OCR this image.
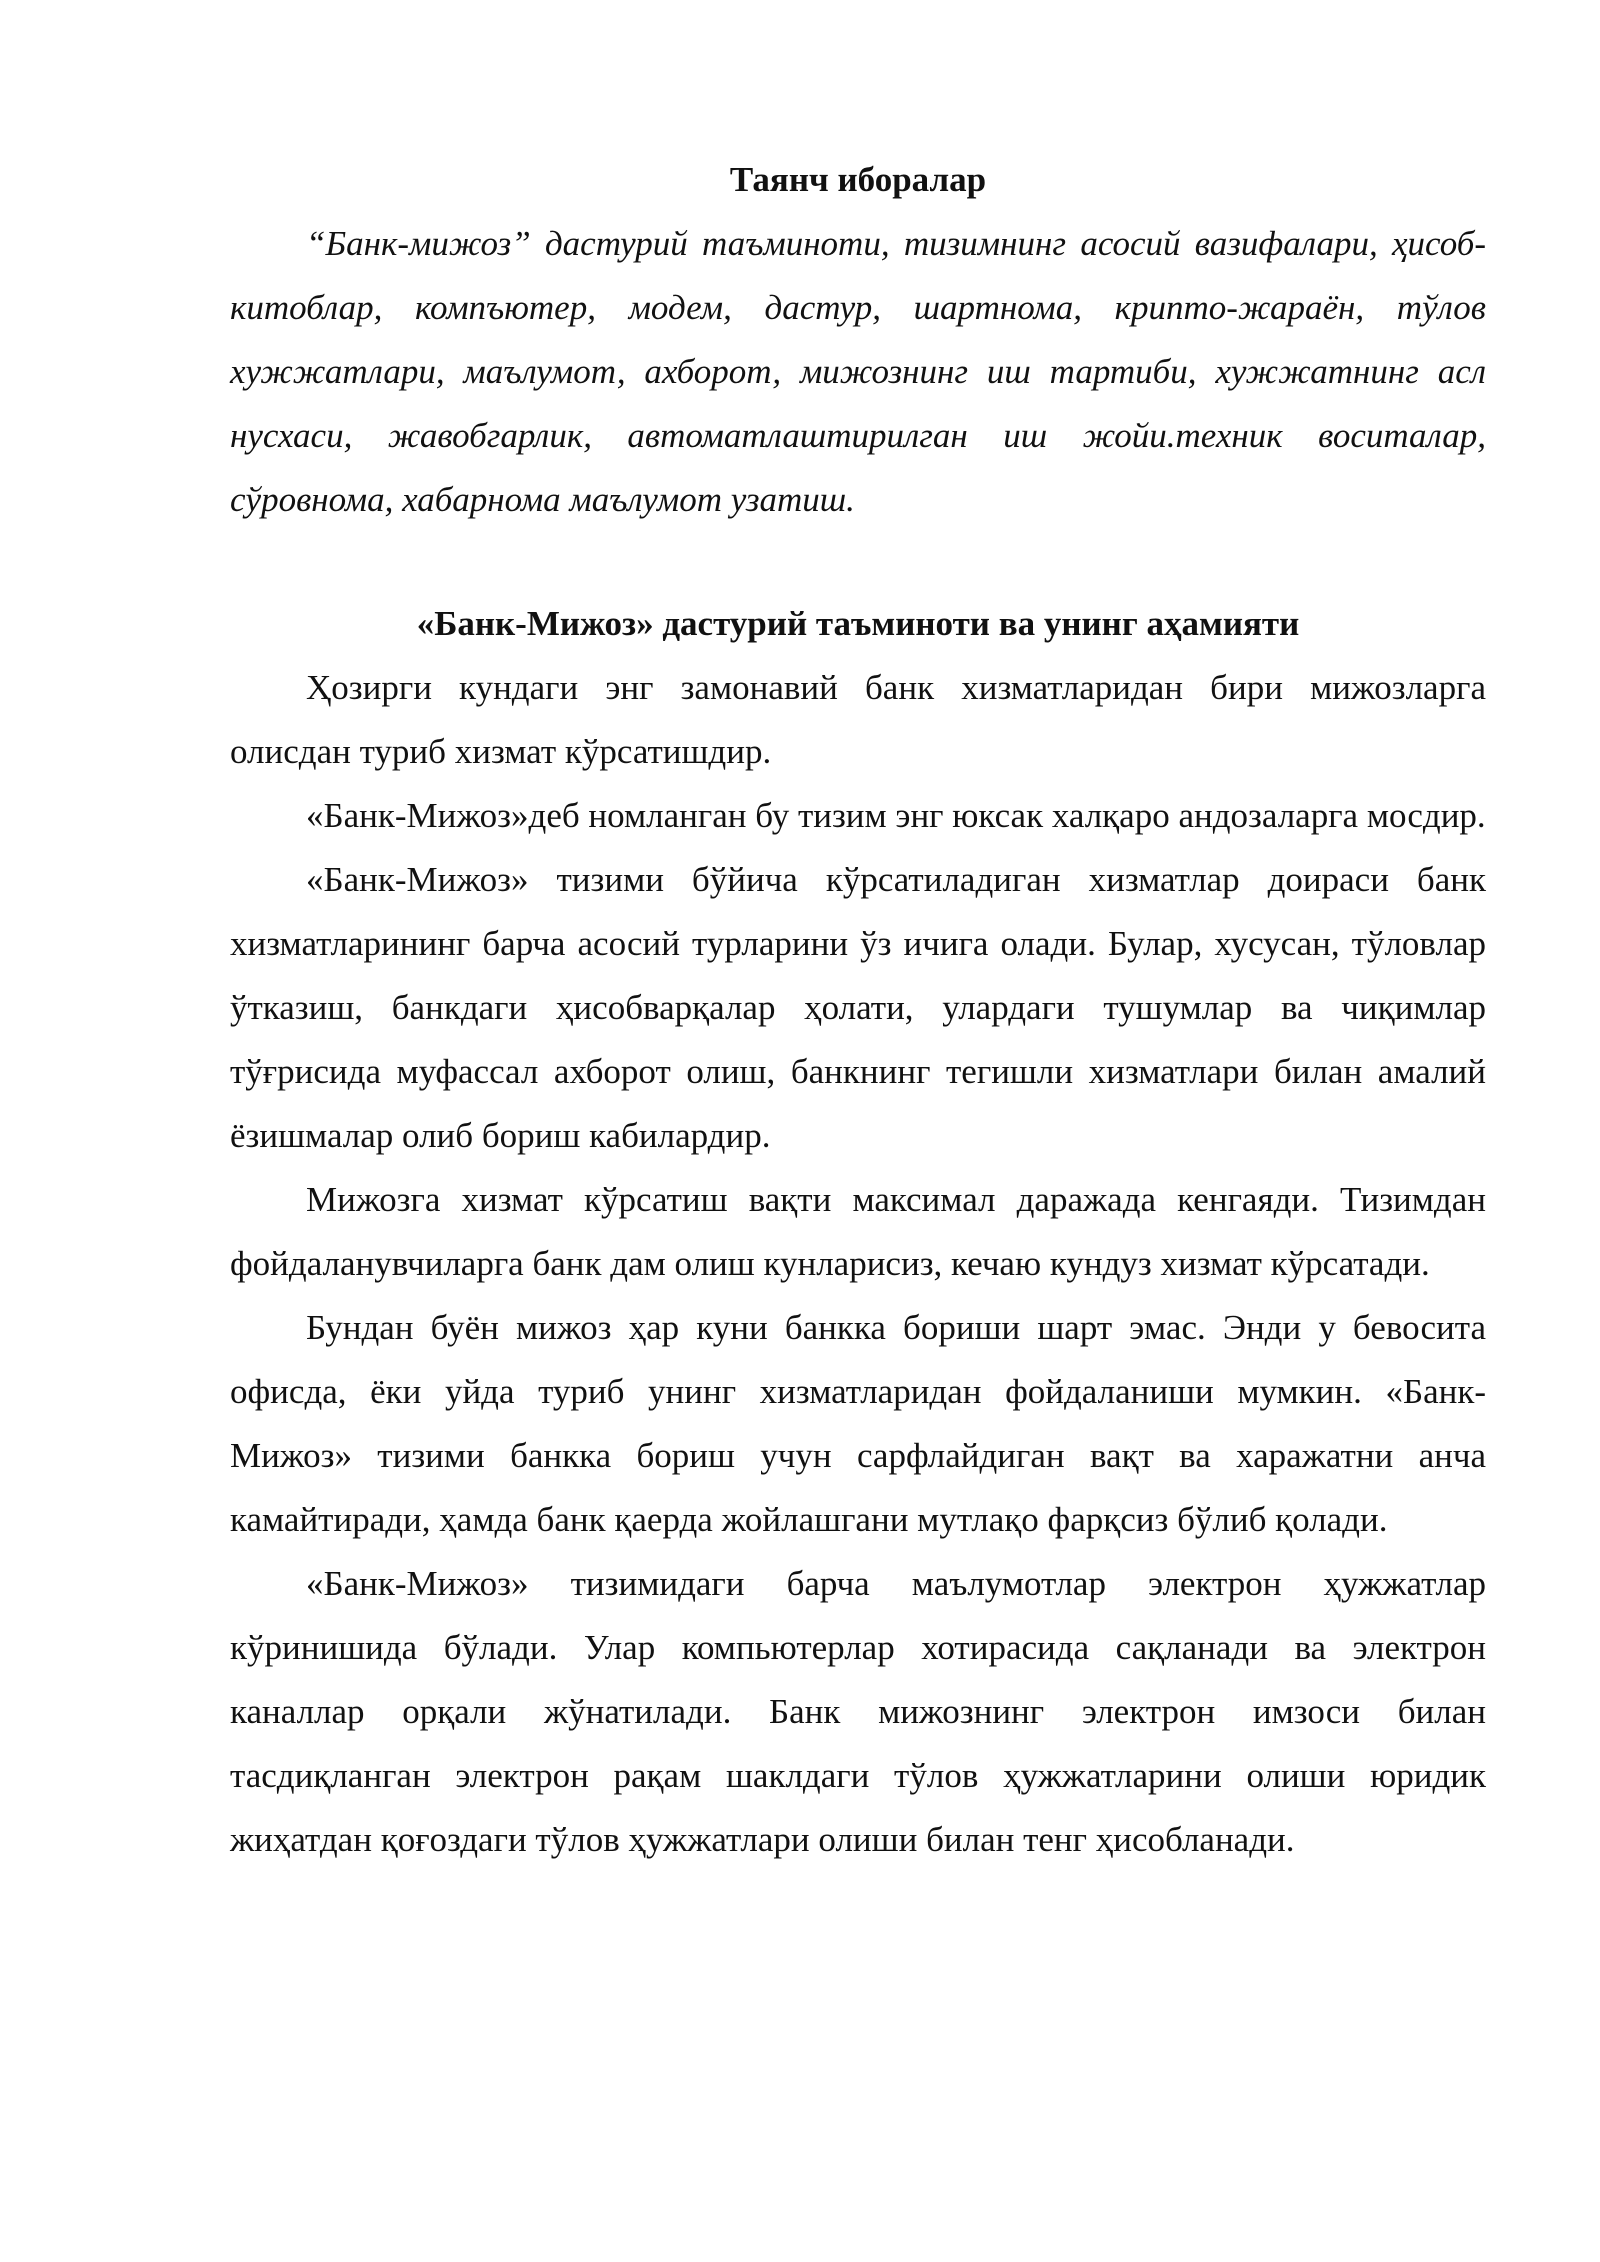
Таянч иборалар

“Банк-мижоз” дастурий таъминоти, тизимнинг асосий вазифалари, ҳисоб-китоблар, компъютер, модем, дастур, шартнома, крипто-жараён, тўлов хужжатлари, маълумот, ахборот, мижознинг иш тартиби, хужжатнинг асл нусхаси, жавобгарлик, автоматлаштирилган иш жойи.техник воситалар, сўровнома, хабарнома маълумот узатиш.

«Банк-Мижоз» дастурий таъминоти ва унинг аҳамияти

Ҳозирги кундаги энг замонавий банк хизматларидан бири мижозларга олисдан туриб хизмат кўрсатишдир.

«Банк-Мижоз»деб номланган бу тизим энг юксак халқаро андозаларга мосдир.

«Банк-Мижоз» тизими бўйича кўрсатиладиган хизматлар доираси банк хизматларининг барча асосий турларини ўз ичига олади. Булар, хусусан, тўловлар ўтказиш, банкдаги ҳисобварқалар ҳолати, улардаги тушумлар ва чиқимлар тўғрисида муфассал ахборот олиш, банкнинг тегишли хизматлари билан амалий ёзишмалар олиб бориш кабилардир.

Мижозга хизмат кўрсатиш вақти максимал даражада кенгаяди. Тизимдан фойдаланувчиларга банк дам олиш кунларисиз, кечаю кундуз хизмат кўрсатади.

Бундан буён мижоз ҳар куни банкка бориши шарт эмас. Энди у бевосита офисда, ёки уйда туриб унинг хизматларидан фойдаланиши мумкин. «Банк-Мижоз» тизими банкка бориш учун сарфлайдиган вақт ва харажатни анча камайтиради, ҳамда банк қаерда жойлашгани мутлақо фарқсиз бўлиб қолади.

«Банк-Мижоз» тизимидаги барча маълумотлар электрон ҳужжатлар кўринишида бўлади. Улар компьютерлар хотирасида сақланади ва электрон каналлар орқали жўнатилади. Банк мижознинг электрон имзоси билан тасдиқланган электрон рақам шаклдаги тўлов ҳужжатларини олиши юридик жиҳатдан қоғоздаги тўлов ҳужжатлари олиши билан тенг ҳисобланади.
